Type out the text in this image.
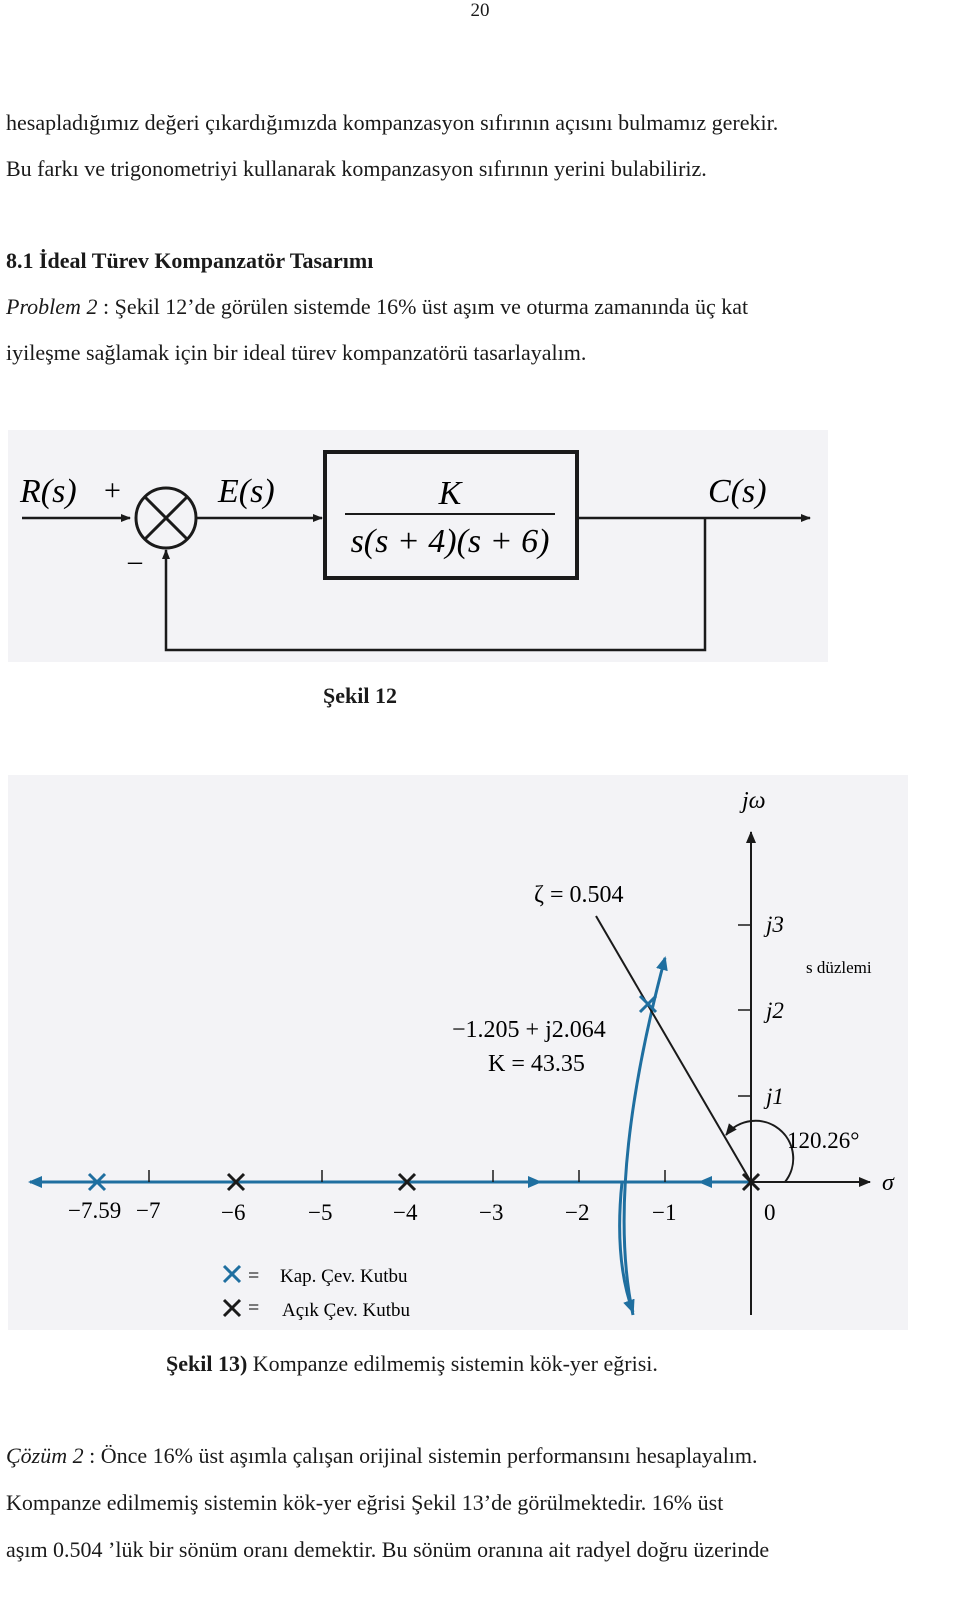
20
hesapladığımız değeri çıkardığımızda kompanzasyon sıfırının açısını bulmamız gerekir.
Bu farkı ve trigonometriyi kullanarak kompanzasyon sıfırının yerini bulabiliriz.
8.1 İdeal Türev Kompanzatör Tasarımı
Problem 2 : Şekil 12’de görülen sistemde 16% üst aşım ve oturma zamanında üç kat
iyileşme sağlamak için bir ideal türev kompanzatörü tasarlayalım.
R(s) +
–
E(s)	K
s(s + 4)(s + 6)
C(s)
Şekil 12
jω
σ
ζ = 0.504
j3
j2
j1
s düzlemi
−1.205 + j2.064
K = 43.35
120.26°
−7.59 −7	−6	−5	−4	−3	−2	−1	0
= Kap. Çev. Kutbu
= Açık Çev. Kutbu
Şekil 13) Kompanze edilmemiş sistemin kök-yer eğrisi.
Çözüm 2 : Önce 16% üst aşımla çalışan orijinal sistemin performansını hesaplayalım.
Kompanze edilmemiş sistemin kök-yer eğrisi Şekil 13’de görülmektedir. 16% üst
aşım 0.504 ’lük bir sönüm oranı demektir. Bu sönüm oranına ait radyel doğru üzerinde
